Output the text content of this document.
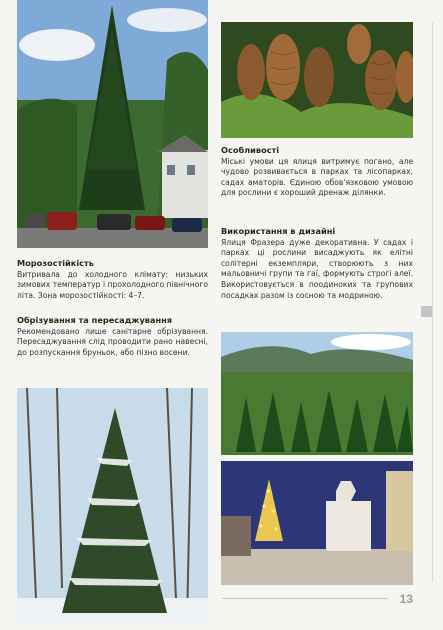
Морозостійкість

Витривала до холодного клімату: низьких зимових температур і прохолодного північного літа. Зона морозостійкості: 4–7.

Обрізування та пересаджування

Рекомендовано лише санітарне обрізування. Пересаджування слід проводити рано навесні, до розпускання бруньок, або пізно восени.

Особливості

Міські умови ця ялиця витримує погано, але чудово розвивається в парках та лісопарках, садах аматорів. Єдиною обов'язковою умовою для рослини є хороший дренаж ділянки.

Використання в дизайні

Ялиця Фразера дуже декоративна. У садах і парках ці рослини висаджують як елітні солітерні екземпляри, створюють з них мальовничі групи та гаї, формують строгі алеї. Використовується в поодиноких та групових посадках разом із сосною та модриною.

13
